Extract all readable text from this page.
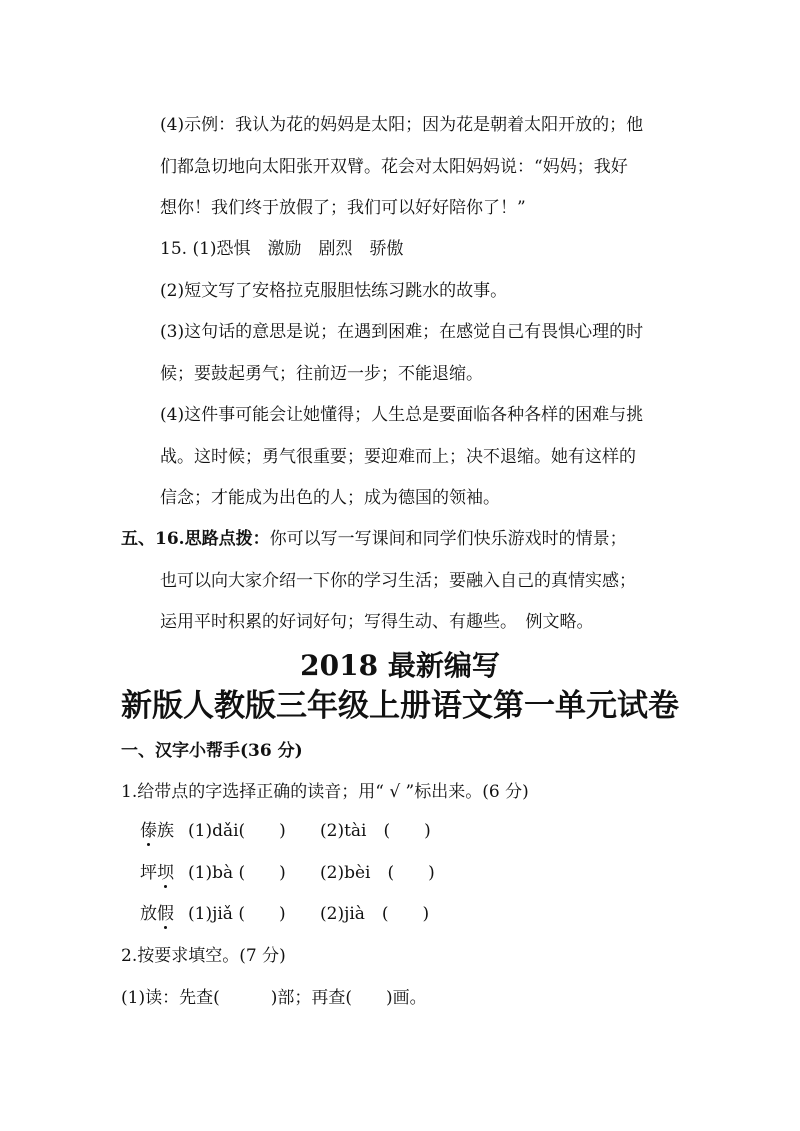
(4)示例：我认为花的妈妈是太阳；因为花是朝着太阳开放的；他
们都急切地向太阳张开双臂。花会对太阳妈妈说：“妈妈；我好
想你！我们终于放假了；我们可以好好陪你了！”
15. (1)恐惧　激励　剧烈　骄傲
(2)短文写了安格拉克服胆怯练习跳水的故事。
(3)这句话的意思是说；在遇到困难；在感觉自己有畏惧心理的时
候；要鼓起勇气；往前迈一步；不能退缩。
(4)这件事可能会让她懂得；人生总是要面临各种各样的困难与挑
战。这时候；勇气很重要；要迎难而上；决不退缩。她有这样的
信念；才能成为出色的人；成为德国的领袖。
五、16.思路点拨：你可以写一写课间和同学们快乐游戏时的情景；
也可以向大家介绍一下你的学习生活；要融入自己的真情实感；
运用平时积累的好词好句；写得生动、有趣些。　例文略。
2018 最新编写
新版人教版三年级上册语文第一单元试卷
一、汉字小帮手(36 分)
1.给带点的字选择正确的读音；用“ √ ”标出来。(6 分)
傣族 (1)dǎi(　　) (2)tài　(　　)
坪坝 (1)bà (　　) (2)bèi　(　　)
放假 (1)jiǎ (　　) (2)jià　(　　)
2.按要求填空。(7 分)
(1)读：先查(　　　)部；再查(　　)画。
